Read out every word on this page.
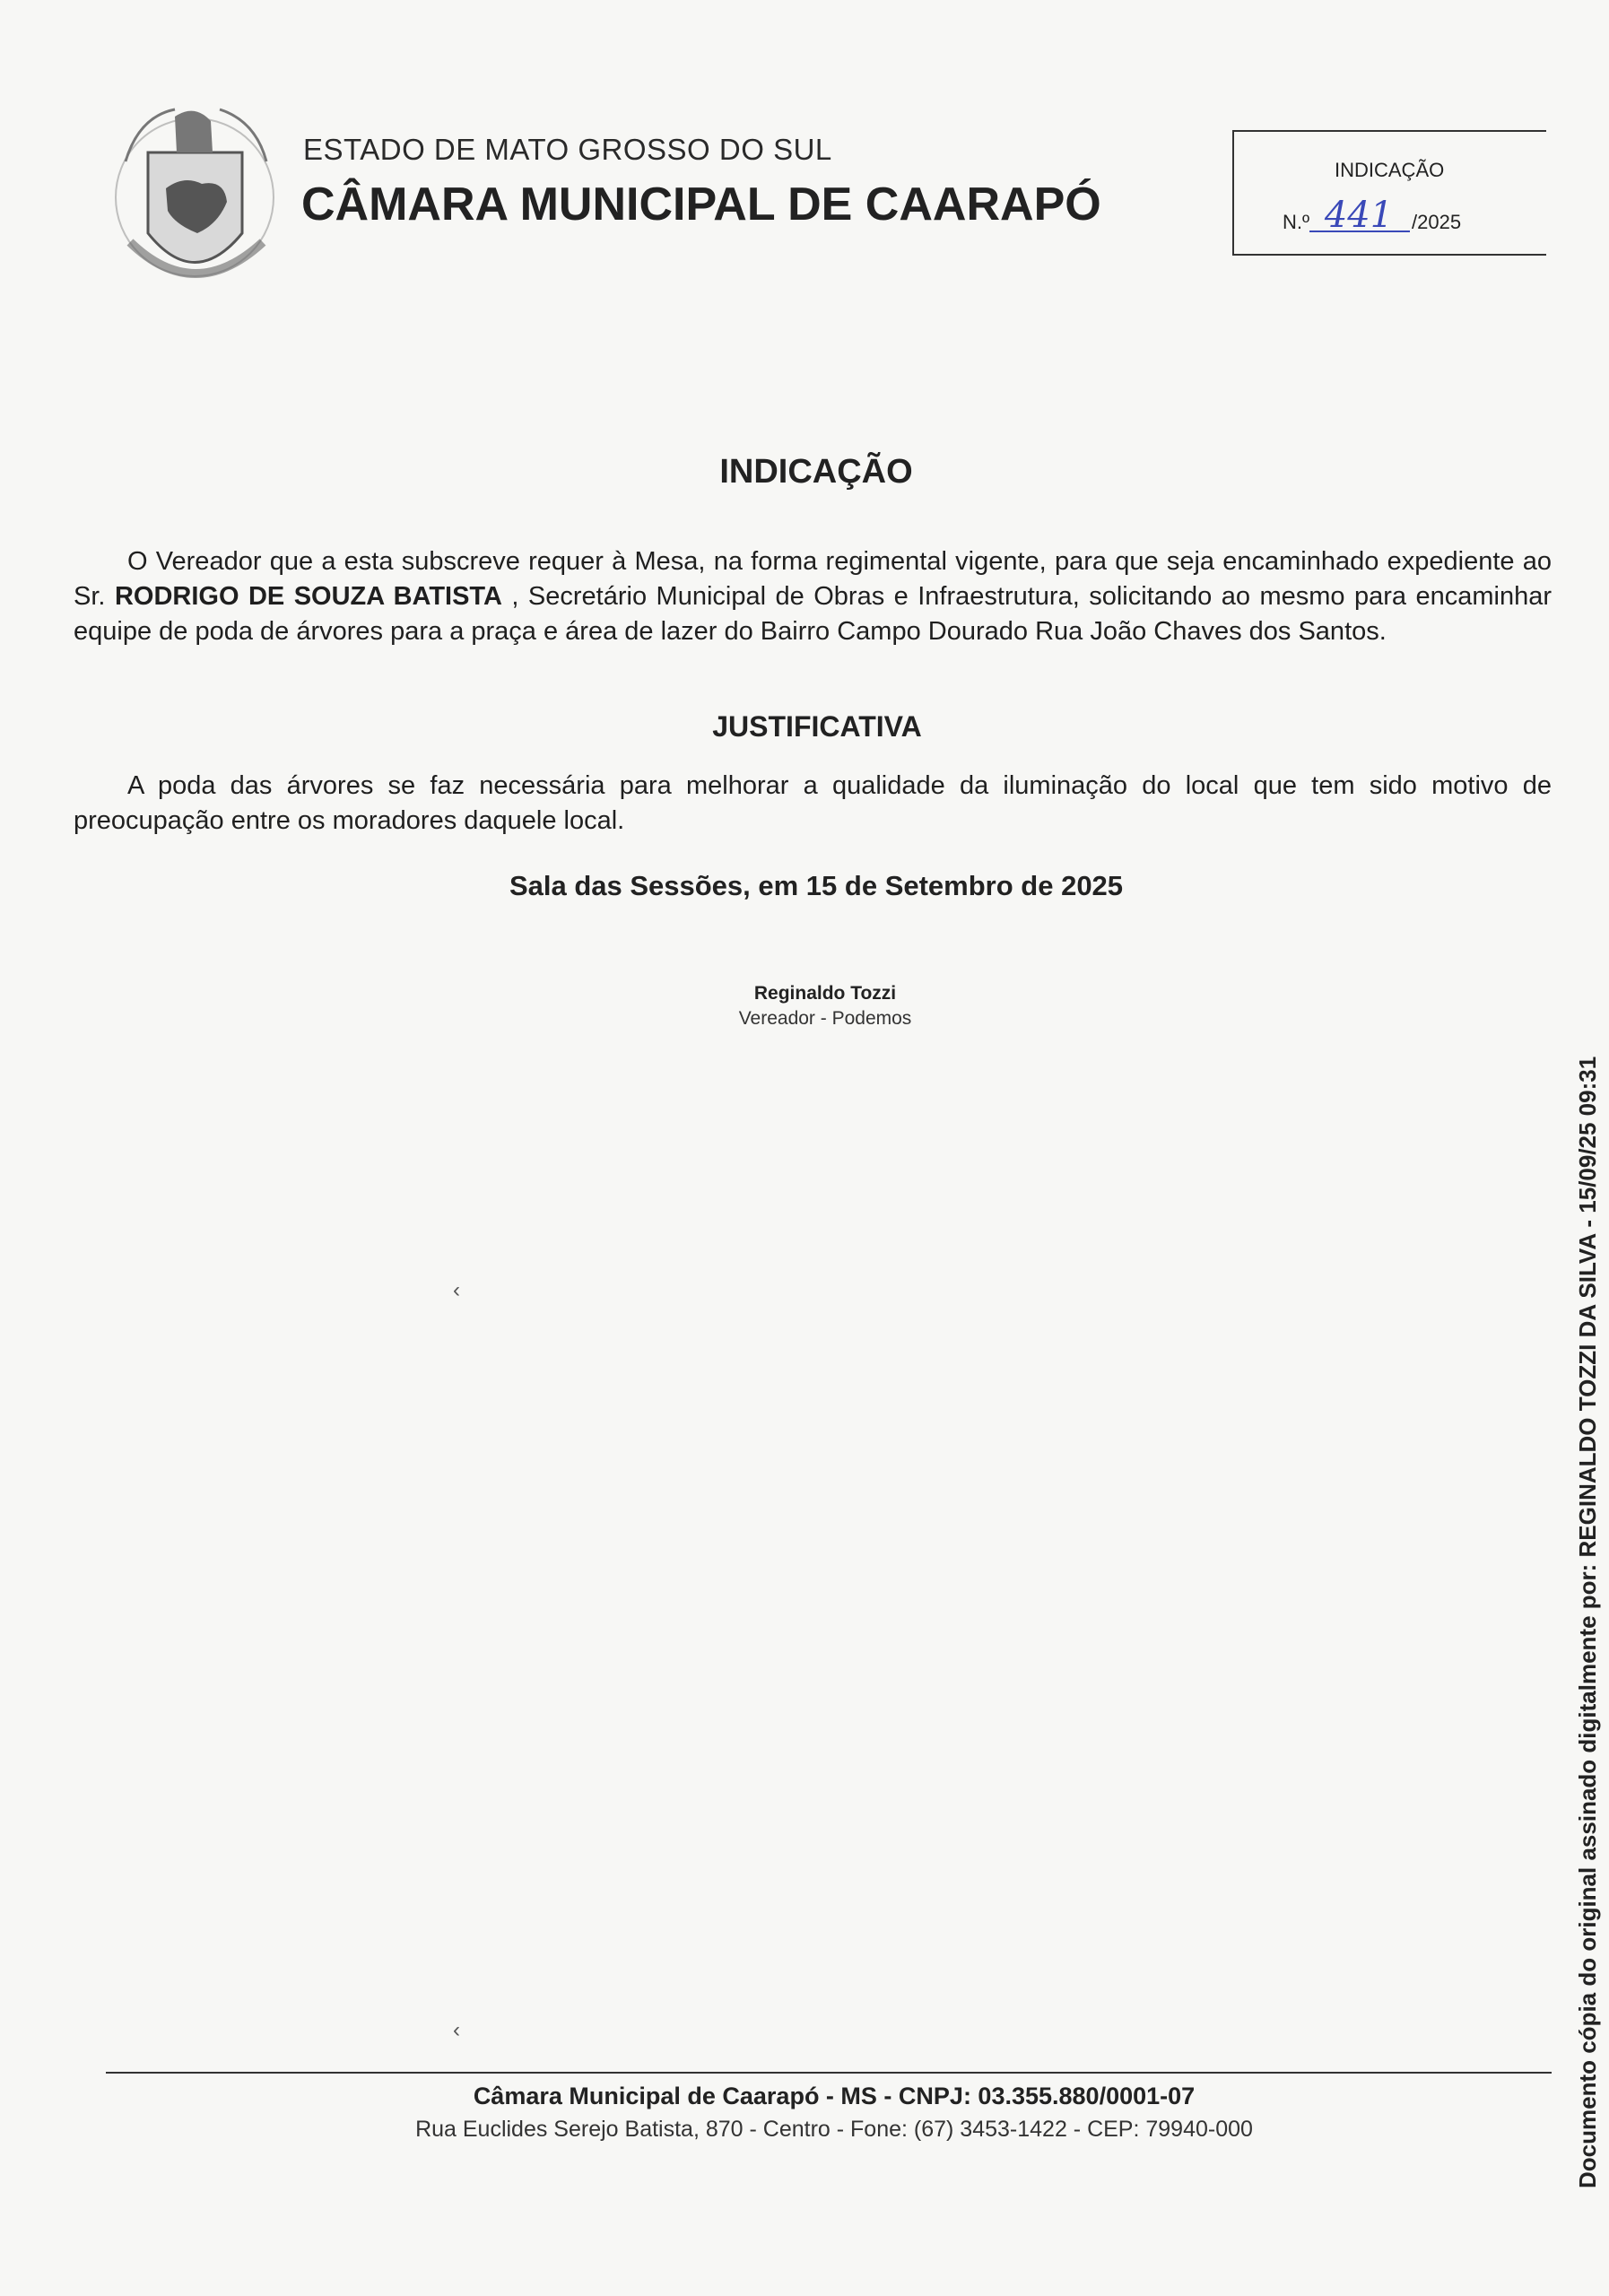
ESTADO DE MATO GROSSO DO SUL
CÂMARA MUNICIPAL DE CAARAPÓ
INDICAÇÃO
N.º 441 /2025
INDICAÇÃO

O Vereador que a esta subscreve requer à Mesa, na forma regimental vigente, para que seja encaminhado expediente ao Sr. RODRIGO DE SOUZA BATISTA , Secretário Municipal de Obras e Infraestrutura, solicitando ao mesmo para encaminhar equipe de poda de árvores para a praça e área de lazer do Bairro Campo Dourado Rua João Chaves dos Santos.

JUSTIFICATIVA

A poda das árvores se faz necessária para melhorar a qualidade da iluminação do local que tem sido motivo de preocupação entre os moradores daquele local.

Sala das Sessões, em 15 de Setembro de 2025
Reginaldo Tozzi
Vereador - Podemos
‹
‹
Câmara Municipal de Caarapó - MS - CNPJ: 03.355.880/0001-07
Rua Euclides Serejo Batista, 870 - Centro - Fone: (67) 3453-1422 - CEP: 79940-000	Documento cópia do original assinado digitalmente por: REGINALDO TOZZI DA SILVA - 15/09/25 09:31
